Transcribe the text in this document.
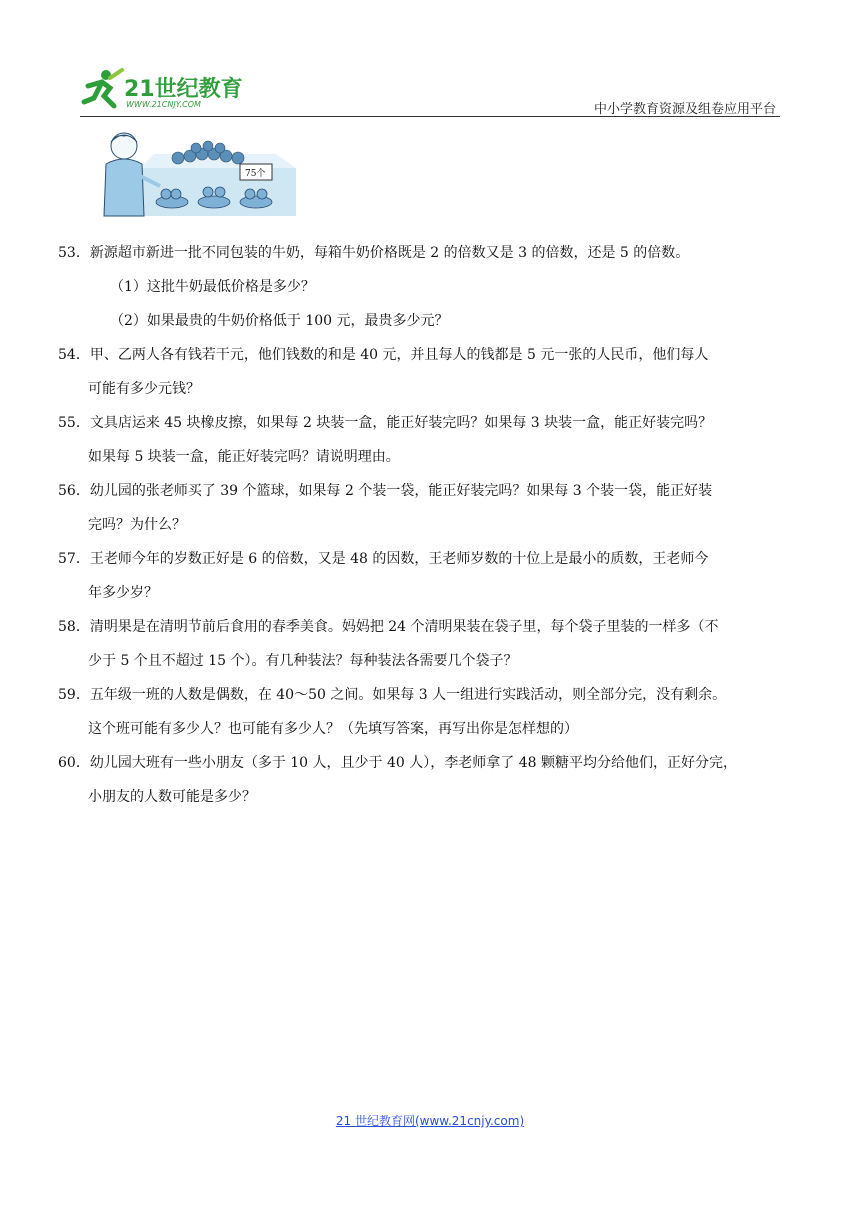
21世纪教育
WWW.21CNJY.COM	中小学教育资源及组卷应用平台
75个
53．新源超市新进一批不同包装的牛奶，每箱牛奶价格既是 2 的倍数又是 3 的倍数，还是 5 的倍数。
（1）这批牛奶最低价格是多少？
（2）如果最贵的牛奶价格低于 100 元，最贵多少元？
54．甲、乙两人各有钱若干元，他们钱数的和是 40 元，并且每人的钱都是 5 元一张的人民币，他们每人
可能有多少元钱？
55．文具店运来 45 块橡皮擦，如果每 2 块装一盒，能正好装完吗？如果每 3 块装一盒，能正好装完吗？
如果每 5 块装一盒，能正好装完吗？请说明理由。
56．幼儿园的张老师买了 39 个篮球，如果每 2 个装一袋，能正好装完吗？如果每 3 个装一袋，能正好装
完吗？为什么？
57．王老师今年的岁数正好是 6 的倍数，又是 48 的因数，王老师岁数的十位上是最小的质数，王老师今
年多少岁？
58．清明果是在清明节前后食用的春季美食。妈妈把 24 个清明果装在袋子里，每个袋子里装的一样多（不
少于 5 个且不超过 15 个）。有几种装法？每种装法各需要几个袋子？
59．五年级一班的人数是偶数，在 40～50 之间。如果每 3 人一组进行实践活动，则全部分完，没有剩余。
这个班可能有多少人？也可能有多少人？（先填写答案，再写出你是怎样想的）
60．幼儿园大班有一些小朋友（多于 10 人，且少于 40 人），李老师拿了 48 颗糖平均分给他们，正好分完，
小朋友的人数可能是多少？
21 世纪教育网(www.21cnjy.com)
